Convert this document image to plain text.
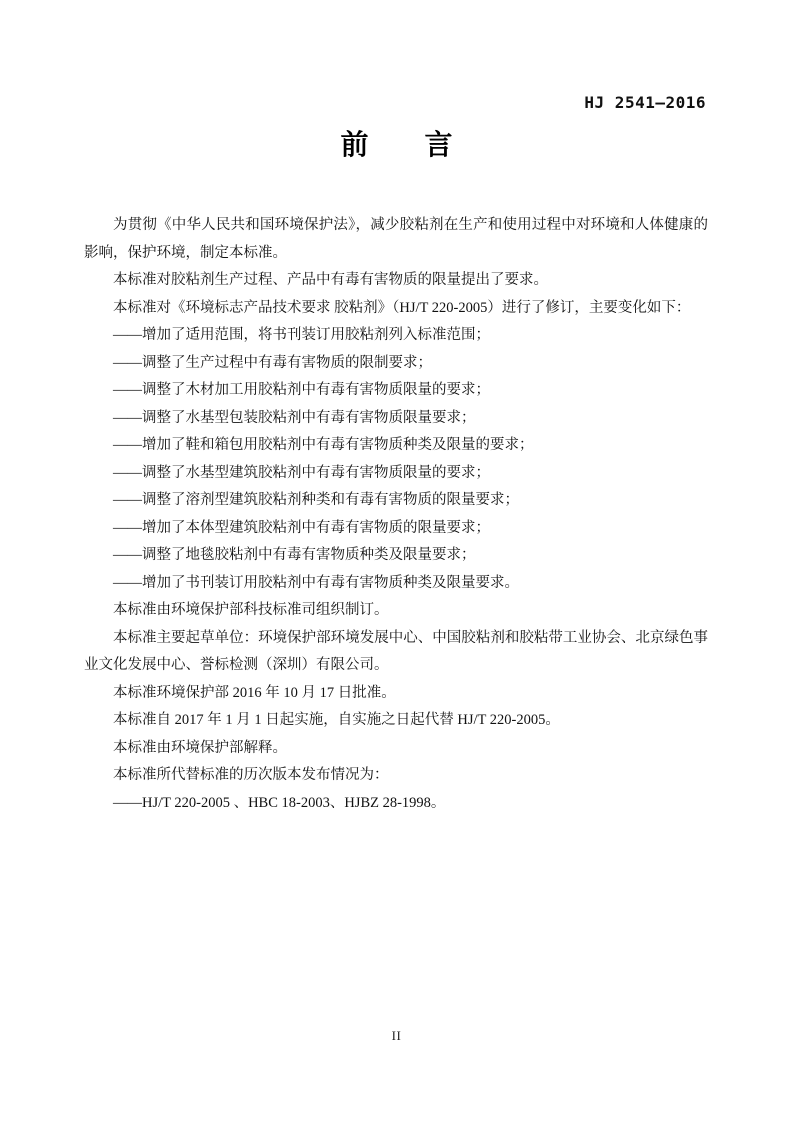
HJ 2541—2016
前　　言

为贯彻《中华人民共和国环境保护法》，减少胶粘剂在生产和使用过程中对环境和人体健康的影响，保护环境，制定本标准。

本标准对胶粘剂生产过程、产品中有毒有害物质的限量提出了要求。

本标准对《环境标志产品技术要求 胶粘剂》（HJ/T 220-2005）进行了修订，主要变化如下：

——增加了适用范围，将书刊装订用胶粘剂列入标准范围；

——调整了生产过程中有毒有害物质的限制要求；

——调整了木材加工用胶粘剂中有毒有害物质限量的要求；

——调整了水基型包装胶粘剂中有毒有害物质限量要求；

——增加了鞋和箱包用胶粘剂中有毒有害物质种类及限量的要求；

——调整了水基型建筑胶粘剂中有毒有害物质限量的要求；

——调整了溶剂型建筑胶粘剂种类和有毒有害物质的限量要求；

——增加了本体型建筑胶粘剂中有毒有害物质的限量要求；

——调整了地毯胶粘剂中有毒有害物质种类及限量要求；

——增加了书刊装订用胶粘剂中有毒有害物质种类及限量要求。

本标准由环境保护部科技标准司组织制订。

本标准主要起草单位：环境保护部环境发展中心、中国胶粘剂和胶粘带工业协会、北京绿色事业文化发展中心、誉标检测（深圳）有限公司。

本标准环境保护部 2016 年 10 月 17 日批准。

本标准自 2017 年 1 月 1 日起实施，自实施之日起代替 HJ/T 220-2005。

本标准由环境保护部解释。

本标准所代替标准的历次版本发布情况为：

——HJ/T 220-2005 、HBC 18-2003、HJBZ 28-1998。

II
